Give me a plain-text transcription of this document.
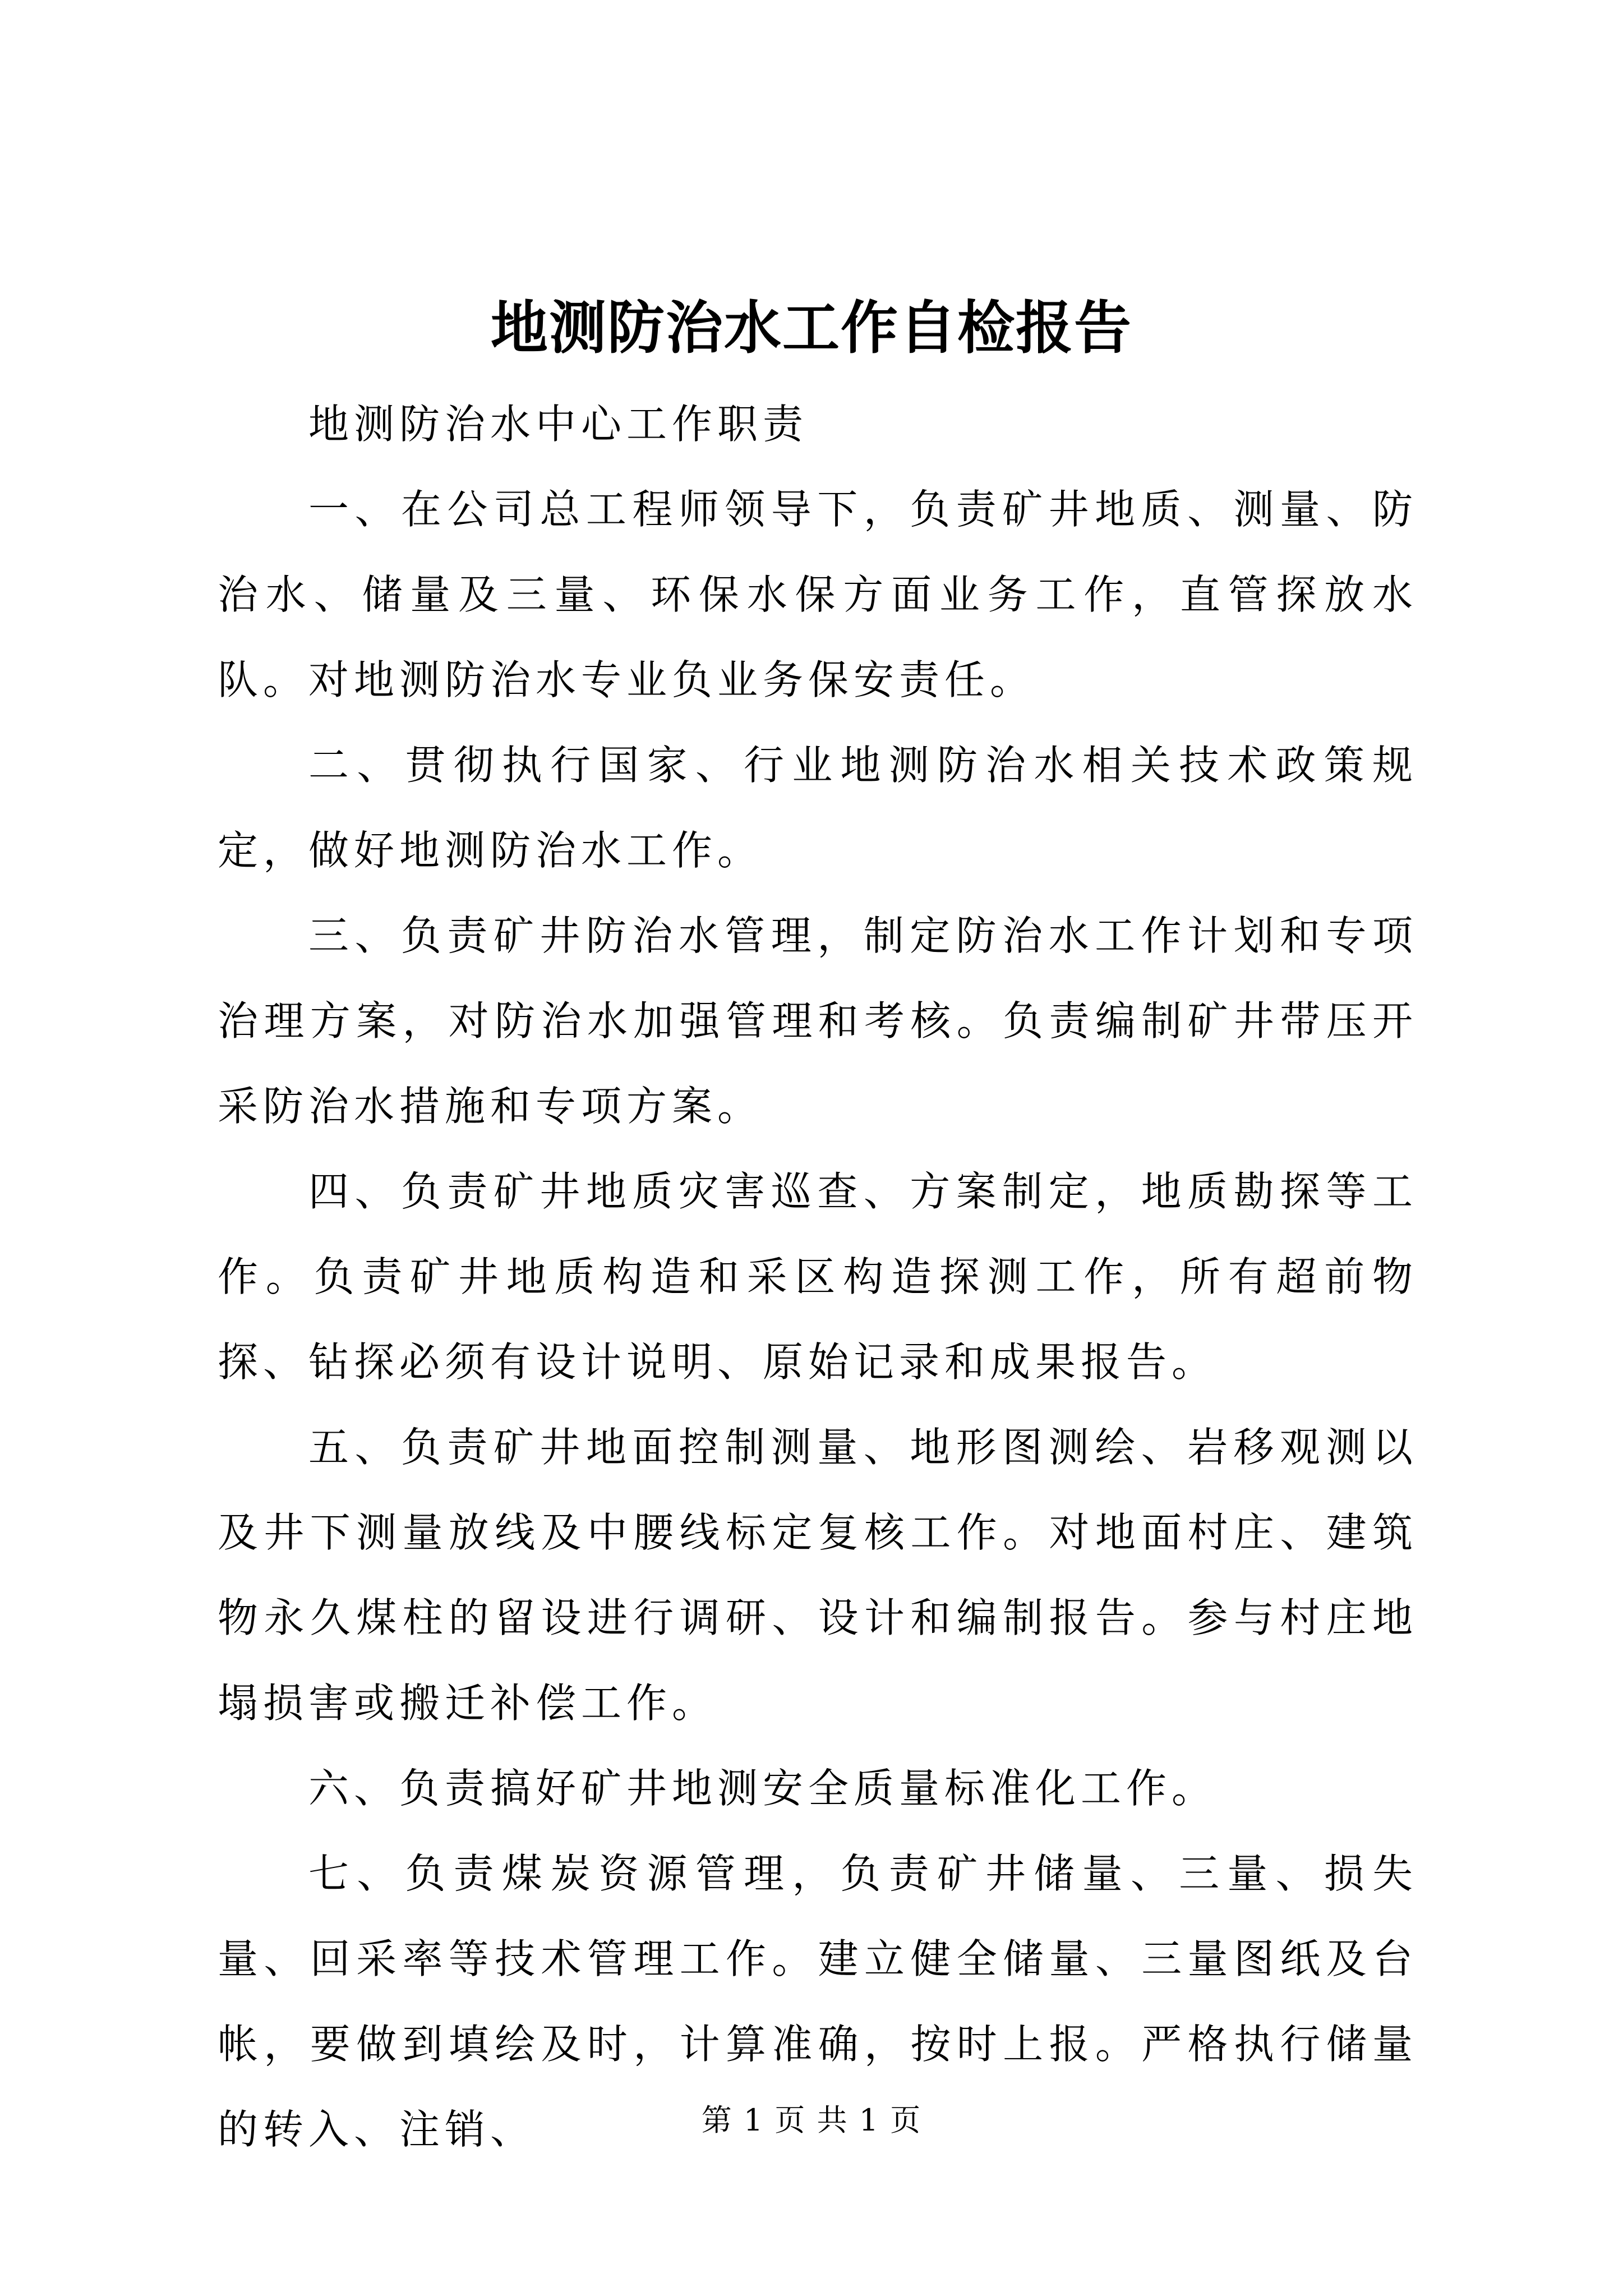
地测防治水工作自检报告

地测防治水中心工作职责

一、在公司总工程师领导下，负责矿井地质、测量、防治水、储量及三量、环保水保方面业务工作，直管探放水队。对地测防治水专业负业务保安责任。

二、贯彻执行国家、行业地测防治水相关技术政策规定，做好地测防治水工作。

三、负责矿井防治水管理，制定防治水工作计划和专项治理方案，对防治水加强管理和考核。负责编制矿井带压开采防治水措施和专项方案。

四、负责矿井地质灾害巡查、方案制定，地质勘探等工作。负责矿井地质构造和采区构造探测工作，所有超前物探、钻探必须有设计说明、原始记录和成果报告。

五、负责矿井地面控制测量、地形图测绘、岩移观测以及井下测量放线及中腰线标定复核工作。对地面村庄、建筑物永久煤柱的留设进行调研、设计和编制报告。参与村庄地塌损害或搬迁补偿工作。

六、负责搞好矿井地测安全质量标准化工作。

七、负责煤炭资源管理，负责矿井储量、三量、损失量、回采率等技术管理工作。建立健全储量、三量图纸及台帐，要做到填绘及时，计算准确，按时上报。严格执行储量的转入、注销、	第 1 页 共 1 页
